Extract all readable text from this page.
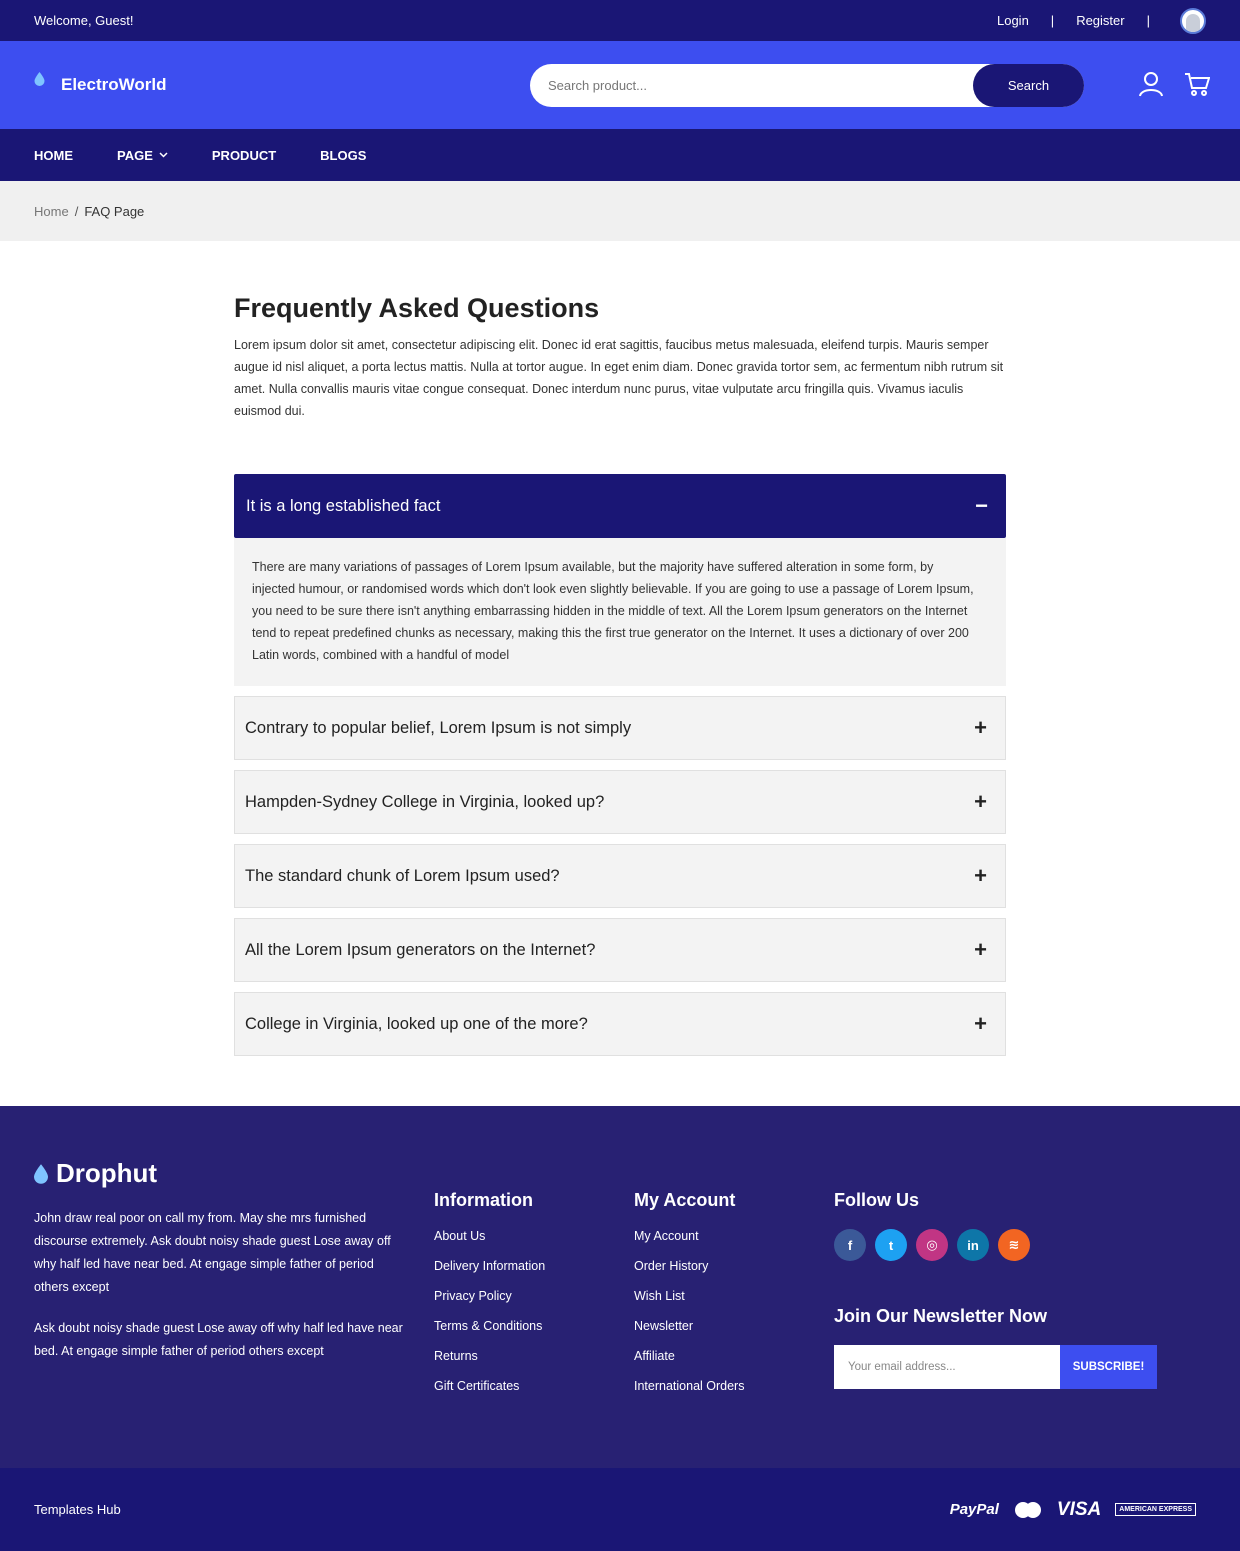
Welcome, Guest!	Login	|	Register	|
ElectroWorld
Search product...	Search
HOME	PAGE	PRODUCT	BLOGS
Home / FAQ Page
Frequently Asked Questions

Lorem ipsum dolor sit amet, consectetur adipiscing elit. Donec id erat sagittis, faucibus metus malesuada, eleifend turpis. Mauris semper augue id nisl aliquet, a porta lectus mattis. Nulla at tortor augue. In eget enim diam. Donec gravida tortor sem, ac fermentum nibh rutrum sit amet. Nulla convallis mauris vitae congue consequat. Donec interdum nunc purus, vitae vulputate arcu fringilla quis. Vivamus iaculis euismod dui.

It is a long established fact	−
There are many variations of passages of Lorem Ipsum available, but the majority have suffered alteration in some form, by injected humour, or randomised words which don't look even slightly believable. If you are going to use a passage of Lorem Ipsum, you need to be sure there isn't anything embarrassing hidden in the middle of text. All the Lorem Ipsum generators on the Internet tend to repeat predefined chunks as necessary, making this the first true generator on the Internet. It uses a dictionary of over 200 Latin words, combined with a handful of model
Contrary to popular belief, Lorem Ipsum is not simply	+
Hampden-Sydney College in Virginia, looked up?	+
The standard chunk of Lorem Ipsum used?	+
All the Lorem Ipsum generators on the Internet?	+
College in Virginia, looked up one of the more?	+
Drophut

John draw real poor on call my from. May she mrs furnished discourse extremely. Ask doubt noisy shade guest Lose away off why half led have near bed. At engage simple father of period others except

Ask doubt noisy shade guest Lose away off why half led have near bed. At engage simple father of period others except

Information
About Us
Delivery Information
Privacy Policy
Terms & Conditions
Returns
Gift Certificates
My Account
My Account
Order History
Wish List
Newsletter
Affiliate
International Orders
Follow Us
f	t	◎	in	≋
Join Our Newsletter Now
Your email address...
SUBSCRIBE!
Templates Hub	PayPal	VISA	AMERICAN EXPRESS
